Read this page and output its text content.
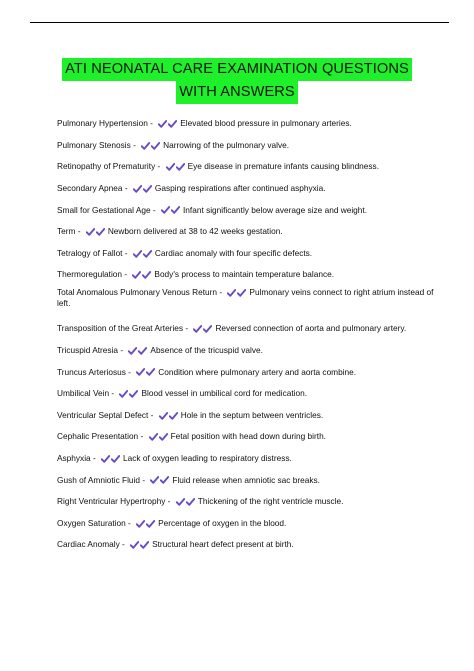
ATI NEONATAL CARE EXAMINATION QUESTIONS
WITH ANSWERS
Pulmonary Hypertension -	Elevated blood pressure in pulmonary arteries.
Pulmonary Stenosis -	Narrowing of the pulmonary valve.
Retinopathy of Prematurity -	Eye disease in premature infants causing blindness.
Secondary Apnea -	Gasping respirations after continued asphyxia.
Small for Gestational Age -	Infant significantly below average size and weight.
Term -	Newborn delivered at 38 to 42 weeks gestation.
Tetralogy of Fallot -	Cardiac anomaly with four specific defects.
Thermoregulation -	Body's process to maintain temperature balance.
Total Anomalous Pulmonary Venous Return -	Pulmonary veins connect to right atrium instead of left.
Transposition of the Great Arteries -	Reversed connection of aorta and pulmonary artery.
Tricuspid Atresia -	Absence of the tricuspid valve.
Truncus Arteriosus -	Condition where pulmonary artery and aorta combine.
Umbilical Vein -	Blood vessel in umbilical cord for medication.
Ventricular Septal Defect -	Hole in the septum between ventricles.
Cephalic Presentation -	Fetal position with head down during birth.
Asphyxia -	Lack of oxygen leading to respiratory distress.
Gush of Amniotic Fluid -	Fluid release when amniotic sac breaks.
Right Ventricular Hypertrophy -	Thickening of the right ventricle muscle.
Oxygen Saturation -	Percentage of oxygen in the blood.
Cardiac Anomaly -	Structural heart defect present at birth.
